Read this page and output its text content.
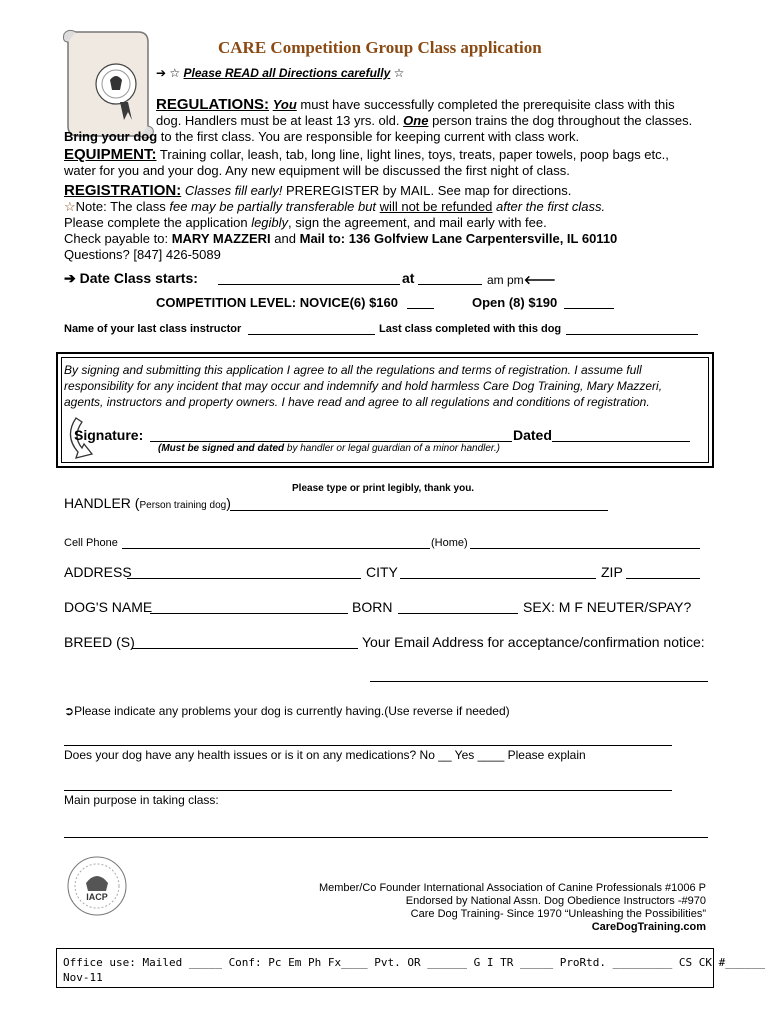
CARE Competition Group Class application
➔ ☆ Please READ all Directions carefully ☆
REGULATIONS: You must have successfully completed the prerequisite class with this
dog. Handlers must be at least 13 yrs. old. One person trains the dog throughout the classes.
Bring your dog to the first class. You are responsible for keeping current with class work.
EQUIPMENT: Training collar, leash, tab, long line, light lines, toys, treats, paper towels, poop bags etc.,
water for you and your dog. Any new equipment will be discussed the first night of class.
REGISTRATION: Classes fill early! PREREGISTER by MAIL. See map for directions.
☆Note: The class fee may be partially transferable but will not be refunded after the first class.
Please complete the application legibly, sign the agreement, and mail early with fee.
Check payable to: MARY MAZZERI and Mail to: 136 Golfview Lane Carpentersville, IL 60110
Questions? [847] 426-5089
➔ Date Class starts:	at	am pm🡐
COMPETITION LEVEL: NOVICE(6) $160	Open (8) $190
Name of your last class instructor	Last class completed with this dog
By signing and submitting this application I agree to all the regulations and terms of registration. I assume full
responsibility for any incident that may occur and indemnify and hold harmless Care Dog Training, Mary Mazzeri,
agents, instructors and property owners. I have read and agree to all regulations and conditions of registration.
Signature:	Dated
(Must be signed and dated by handler or legal guardian of a minor handler.)
Please type or print legibly, thank you.
HANDLER (Person training dog)
Cell Phone	(Home)
ADDRESS	CITY	ZIP
DOG'S NAME	BORN	SEX: M F NEUTER/SPAY?
BREED (S)	Your Email Address for acceptance/confirmation notice:
➲Please indicate any problems your dog is currently having.(Use reverse if needed)
Does your dog have any health issues or is it on any medications? No __ Yes ____ Please explain
Main purpose in taking class:
IACP
Member/Co Founder International Association of Canine Professionals #1006 P
Endorsed by National Assn. Dog Obedience Instructors -#970
Care Dog Training- Since 1970 “Unleashing the Possibilities”
CareDogTraining.com
Office use: Mailed _____ Conf: Pc Em Ph Fx____ Pvt. OR ______ G I TR _____ ProRtd. _________ CS CK #______
Nov-11
